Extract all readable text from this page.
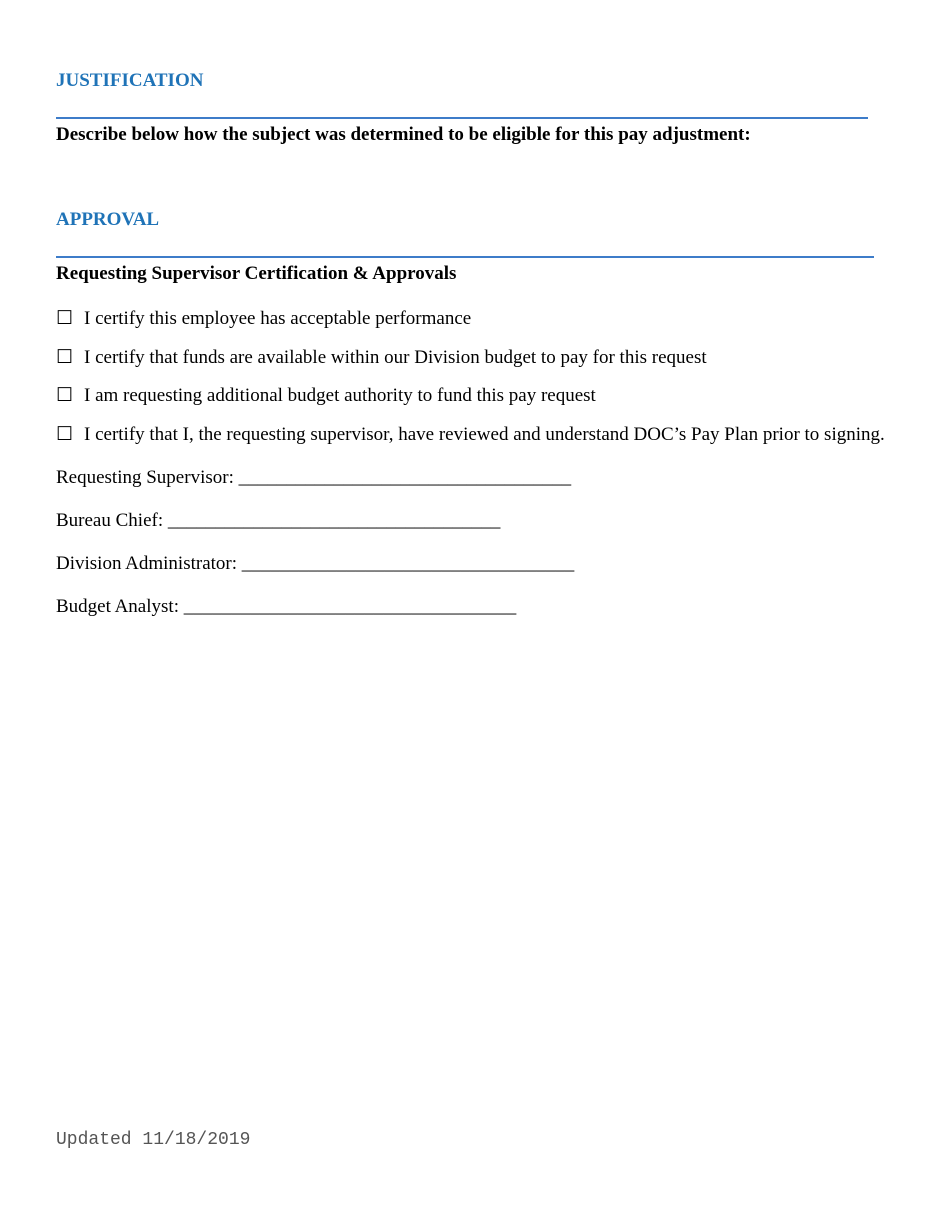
JUSTIFICATION
Describe below how the subject was determined to be eligible for this pay adjustment:
APPROVAL
Requesting Supervisor Certification & Approvals
☐ I certify this employee has acceptable performance
☐ I certify that funds are available within our Division budget to pay for this request
☐ I am requesting additional budget authority to fund this pay request
☐ I certify that I, the requesting supervisor, have reviewed and understand DOC’s Pay Plan prior to signing.
Requesting Supervisor: ___________________________________
Bureau Chief: ___________________________________
Division Administrator: ___________________________________
Budget Analyst: ___________________________________
Updated 11/18/2019
